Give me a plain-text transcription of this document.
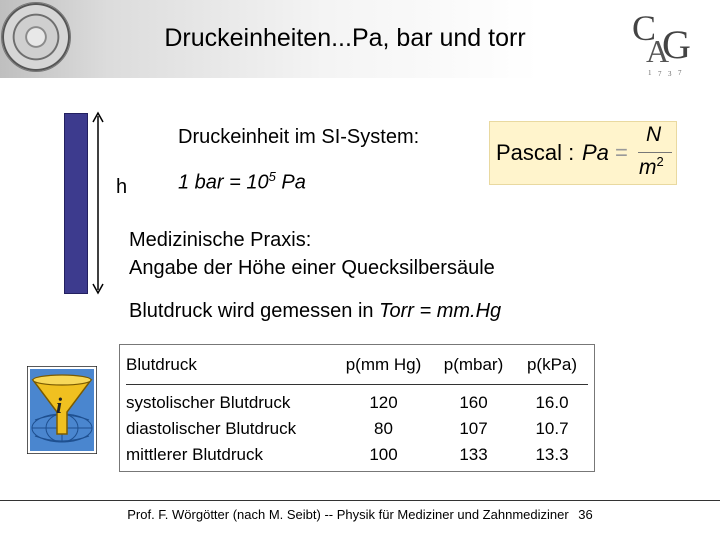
Druckeinheiten...Pa, bar und torr	C G
A
1 7 3 7
h
Druckeinheit im SI-System:
1 bar = $10^5$ Pa
Pascal : Pa =
N
$m^2$
Medizinische Praxis:
Angabe der Höhe einer Quecksilbersäule
Blutdruck wird gemessen in Torr = mm.Hg
i
Blutdruck	p(mm Hg)	p(mbar)	p(kPa)
systolischer Blutdruck	120	160	16.0
diastolischer Blutdruck	80	107	10.7
mittlerer Blutdruck	100	133	13.3
Prof. F. Wörgötter (nach M. Seibt) -- Physik für Mediziner und Zahnmediziner 36
